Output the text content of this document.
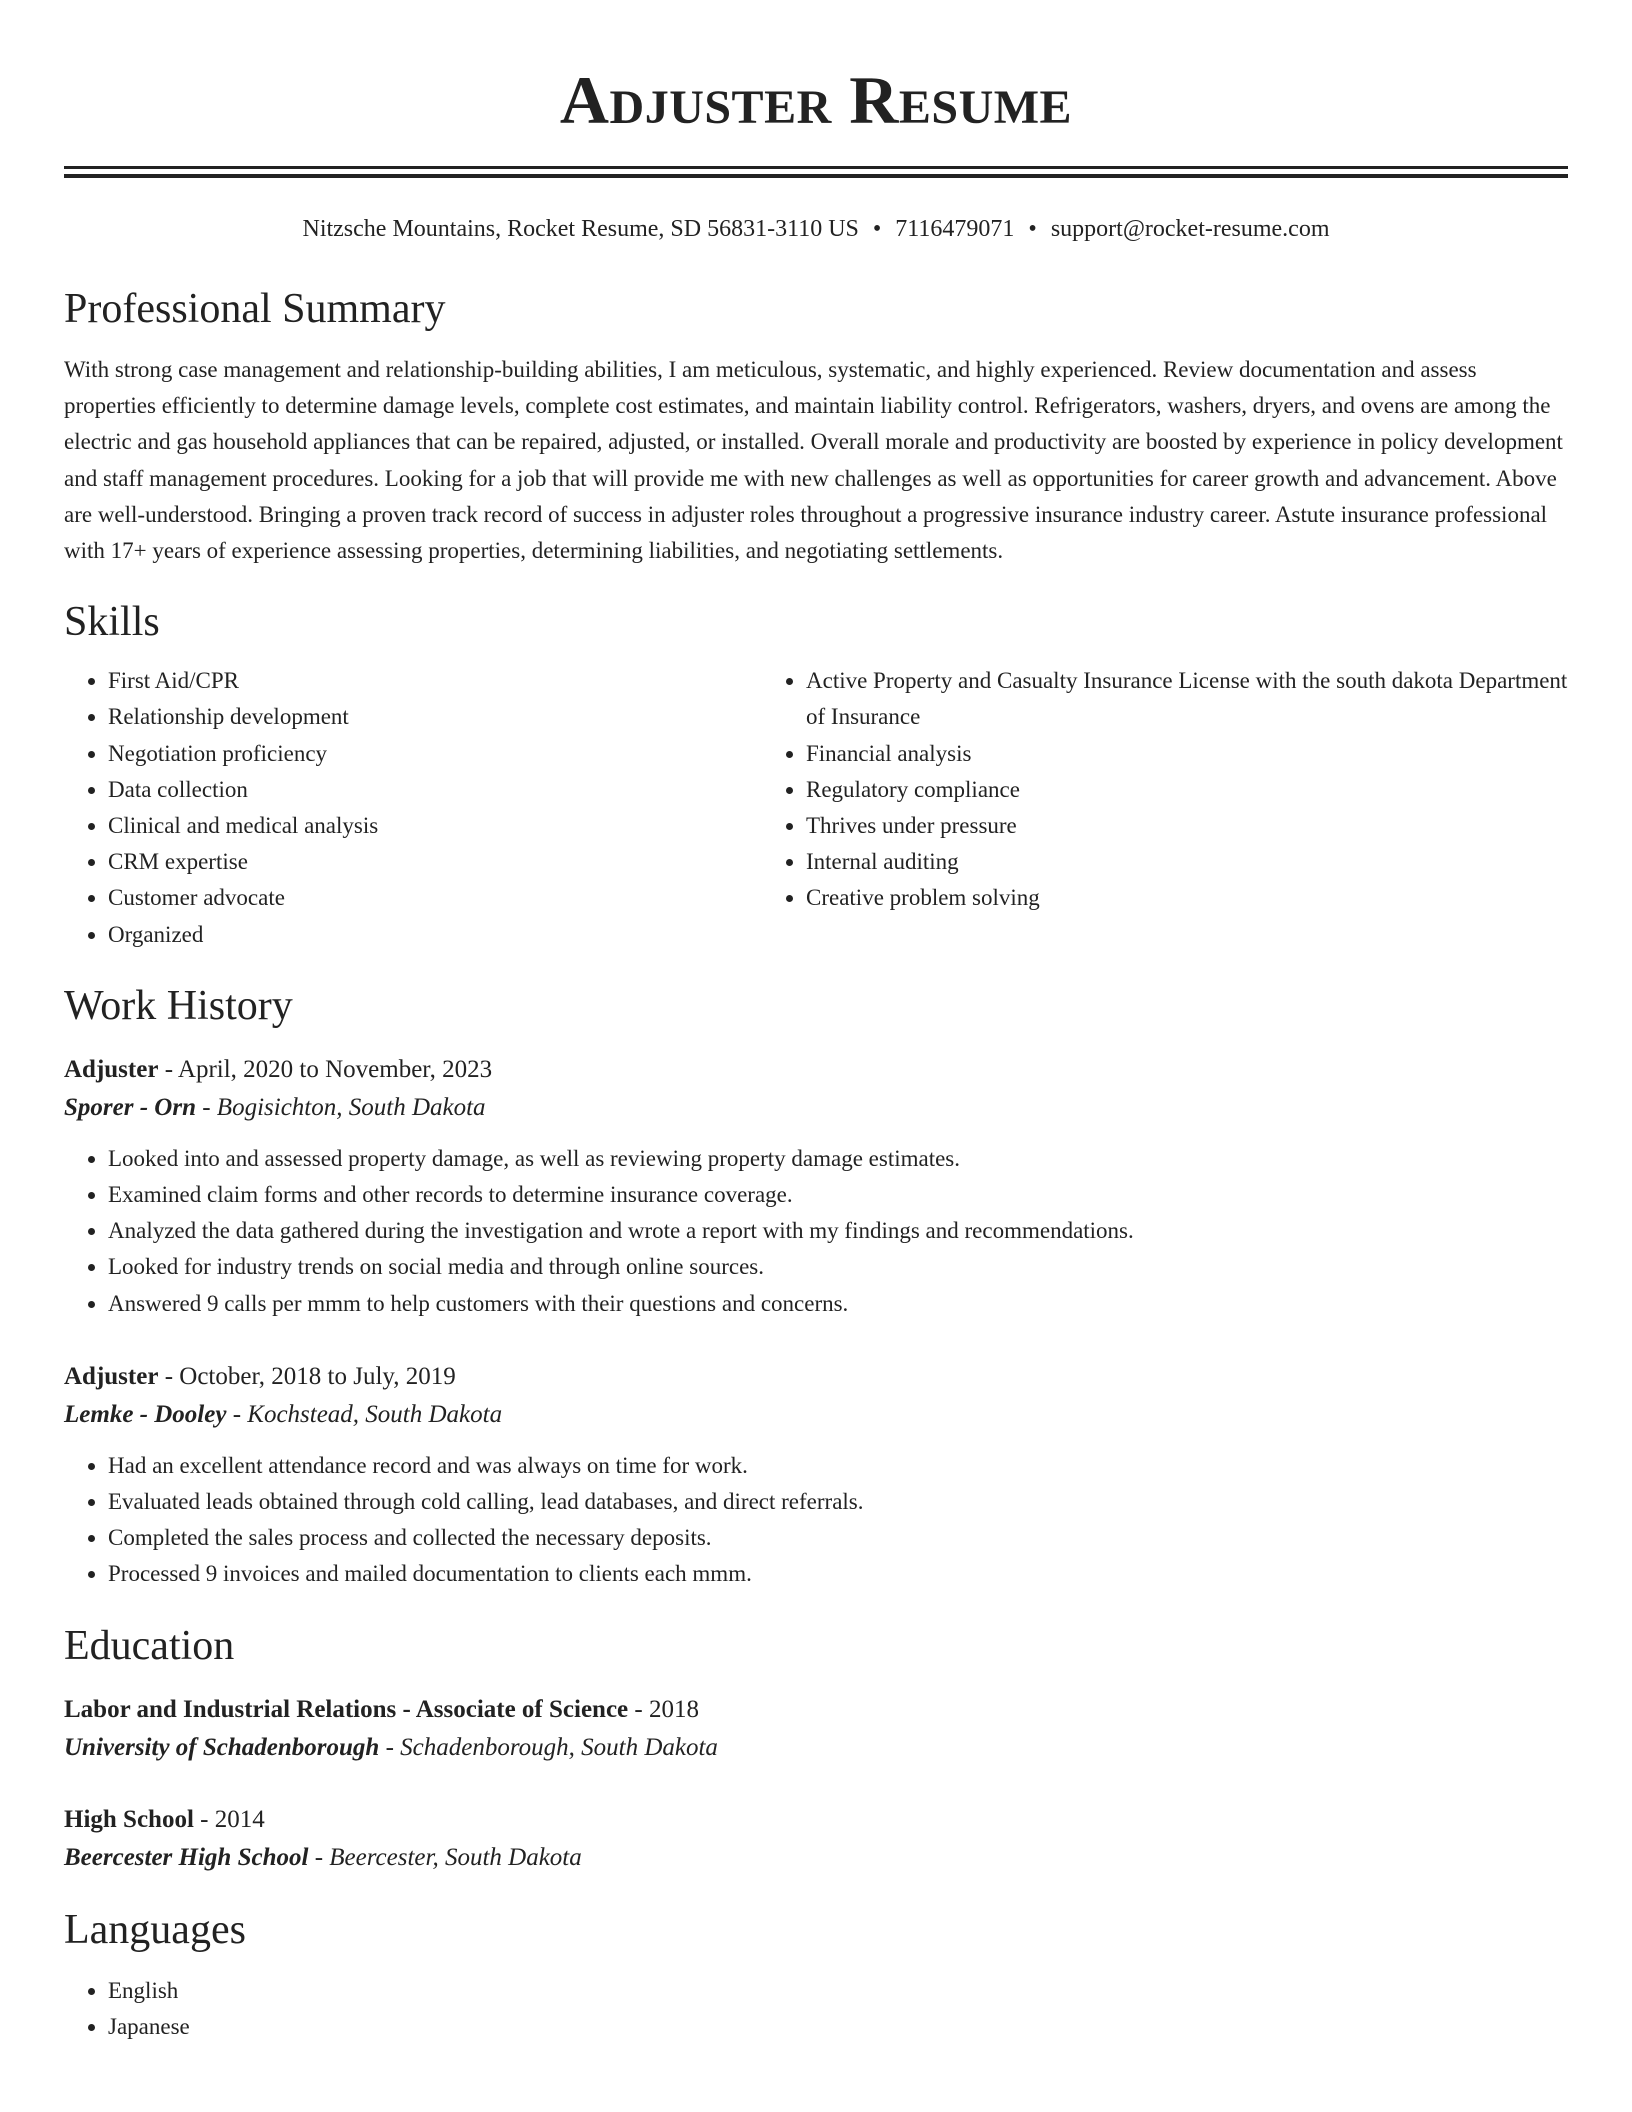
Adjuster Resume
Nitzsche Mountains, Rocket Resume, SD 56831-3110 US • 7116479071 • support@rocket-resume.com
Professional Summary

With strong case management and relationship-building abilities, I am meticulous, systematic, and highly experienced. Review documentation and assess properties efficiently to determine damage levels, complete cost estimates, and maintain liability control. Refrigerators, washers, dryers, and ovens are among the electric and gas household appliances that can be repaired, adjusted, or installed. Overall morale and productivity are boosted by experience in policy development and staff management procedures. Looking for a job that will provide me with new challenges as well as opportunities for career growth and advancement. Above are well-understood. Bringing a proven track record of success in adjuster roles throughout a progressive insurance industry career. Astute insurance professional with 17+ years of experience assessing properties, determining liabilities, and negotiating settlements.

Skills
• First Aid/CPR
• Relationship development
• Negotiation proficiency
• Data collection
• Clinical and medical analysis
• CRM expertise
• Customer advocate
• Organized
• Active Property and Casualty Insurance License with the south dakota Department of Insurance
• Financial analysis
• Regulatory compliance
• Thrives under pressure
• Internal auditing
• Creative problem solving
Work History
Adjuster - April, 2020 to November, 2023
Sporer - Orn - Bogisichton, South Dakota
• Looked into and assessed property damage, as well as reviewing property damage estimates.
• Examined claim forms and other records to determine insurance coverage.
• Analyzed the data gathered during the investigation and wrote a report with my findings and recommendations.
• Looked for industry trends on social media and through online sources.
• Answered 9 calls per mmm to help customers with their questions and concerns.
Adjuster - October, 2018 to July, 2019
Lemke - Dooley - Kochstead, South Dakota
• Had an excellent attendance record and was always on time for work.
• Evaluated leads obtained through cold calling, lead databases, and direct referrals.
• Completed the sales process and collected the necessary deposits.
• Processed 9 invoices and mailed documentation to clients each mmm.
Education
Labor and Industrial Relations - Associate of Science - 2018
University of Schadenborough - Schadenborough, South Dakota
High School - 2014
Beercester High School - Beercester, South Dakota
Languages
• English
• Japanese
